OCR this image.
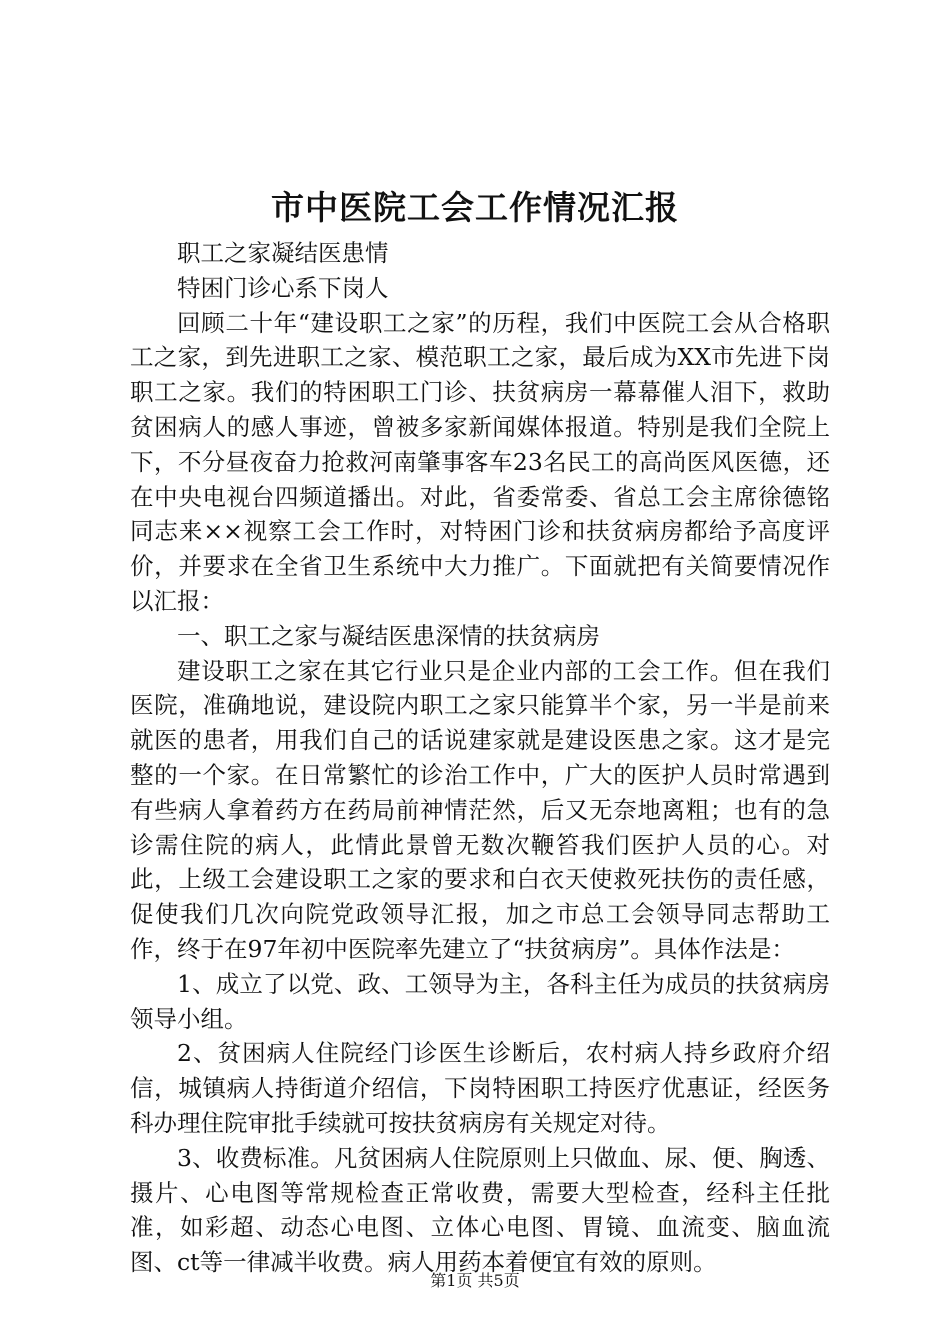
市中医院工会工作情况汇报

职工之家凝结医患情

特困门诊心系下岗人

回顾二十年“建设职工之家”的历程，我们中医院工会从合格职工之家，到先进职工之家、模范职工之家，最后成为XX市先进下岗职工之家。我们的特困职工门诊、扶贫病房一幕幕催人泪下，救助贫困病人的感人事迹，曾被多家新闻媒体报道。特别是我们全院上下，不分昼夜奋力抢救河南肇事客车23名民工的高尚医风医德，还在中央电视台四频道播出。对此，省委常委、省总工会主席徐德铭同志来××视察工会工作时，对特困门诊和扶贫病房都给予高度评价，并要求在全省卫生系统中大力推广。下面就把有关简要情况作以汇报：

一、职工之家与凝结医患深情的扶贫病房

建设职工之家在其它行业只是企业内部的工会工作。但在我们医院，准确地说，建设院内职工之家只能算半个家，另一半是前来就医的患者，用我们自己的话说建家就是建设医患之家。这才是完整的一个家。在日常繁忙的诊治工作中，广大的医护人员时常遇到有些病人拿着药方在药局前神情茫然，后又无奈地离粗；也有的急诊需住院的病人，此情此景曾无数次鞭笞我们医护人员的心。对此，上级工会建设职工之家的要求和白衣天使救死扶伤的责任感，促使我们几次向院党政领导汇报，加之市总工会领导同志帮助工作，终于在97年初中医院率先建立了“扶贫病房”。具体作法是：

1、成立了以党、政、工领导为主，各科主任为成员的扶贫病房领导小组。

2、贫困病人住院经门诊医生诊断后，农村病人持乡政府介绍信，城镇病人持街道介绍信，下岗特困职工持医疗优惠证，经医务科办理住院审批手续就可按扶贫病房有关规定对待。

3、收费标准。凡贫困病人住院原则上只做血、尿、便、胸透、摄片、心电图等常规检查正常收费，需要大型检查，经科主任批准，如彩超、动态心电图、立体心电图、胃镜、血流变、脑血流图、ct等一律减半收费。病人用药本着便宜有效的原则。

第1页 共5页
